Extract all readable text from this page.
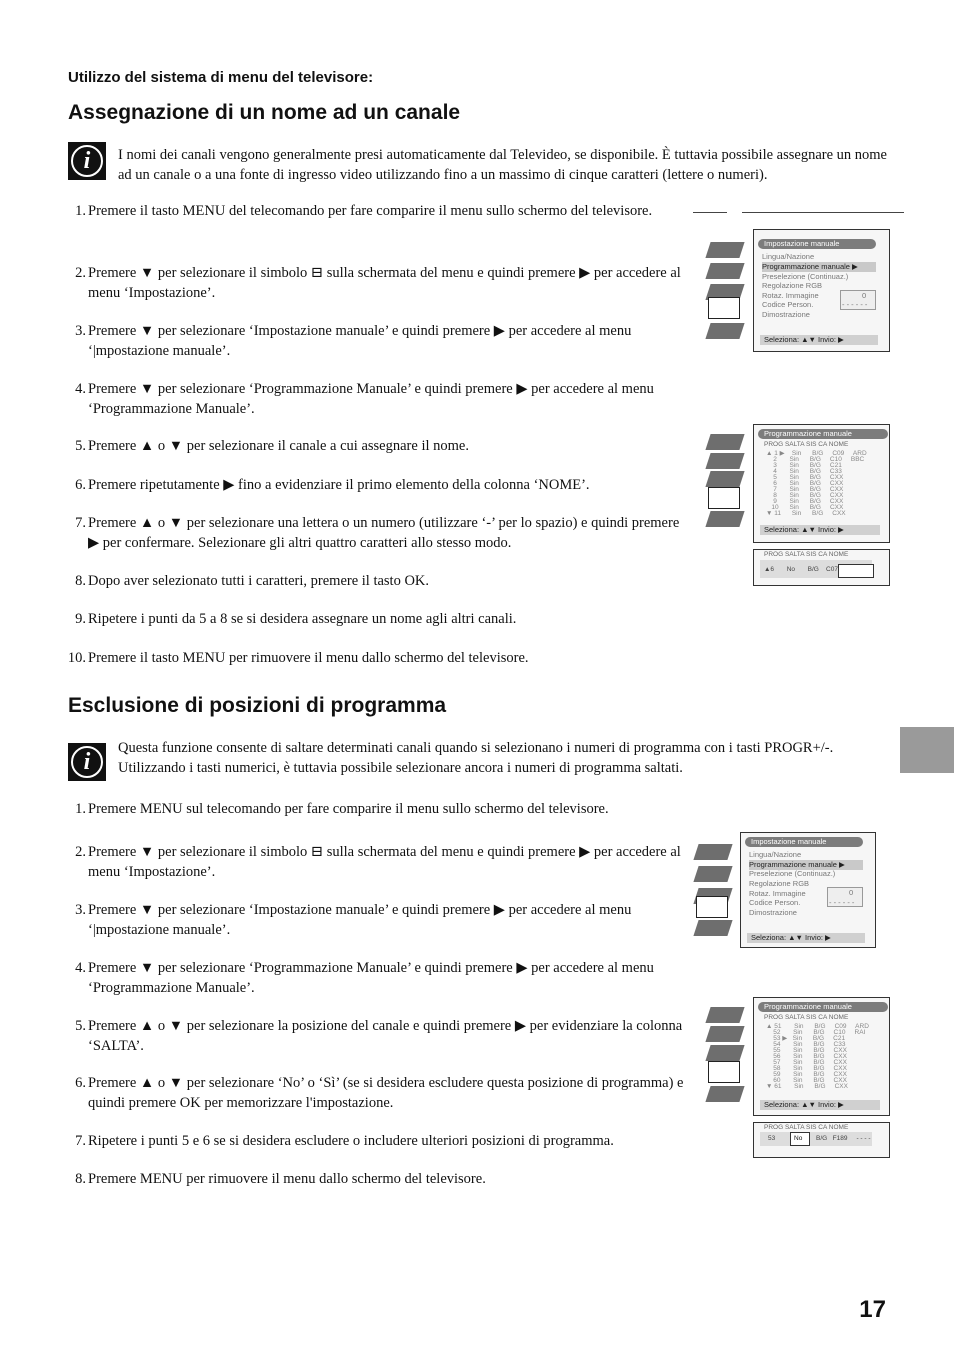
Utilizzo del sistema di menu del televisore:
Assegnazione di un nome ad un canale
i	I nomi dei canali vengono generalmente presi automaticamente dal Televideo, se disponibile. È tuttavia possibile assegnare un nome ad un canale o a una fonte di ingresso video utilizzando fino a un massimo di cinque caratteri (lettere o numeri).
1. Premere il tasto MENU del telecomando per fare comparire il menu sullo schermo del televisore.
2. Premere ▼ per selezionare il simbolo ⊟ sulla schermata del menu e quindi premere ▶ per accedere al menu ‘Impostazione’.
3. Premere ▼ per selezionare ‘Impostazione manuale’ e quindi premere ▶ per accedere al menu ‘|mpostazione manuale’.
4. Premere ▼ per selezionare ‘Programmazione Manuale’ e quindi premere ▶ per accedere al menu ‘Programmazione Manuale’.
5. Premere ▲ o ▼ per selezionare il canale a cui assegnare il nome.
6. Premere ripetutamente ▶ fino a evidenziare il primo elemento della colonna ‘NOME’.
7. Premere ▲ o ▼ per selezionare una lettera o un numero (utilizzare ‘-’ per lo spazio) e quindi premere ▶ per confermare. Selezionare gli altri quattro caratteri allo stesso modo.
8. Dopo aver selezionato tutti i caratteri, premere il tasto OK.
9. Ripetere i punti da 5 a 8 se si desidera assegnare un nome agli altri canali.
10. Premere il tasto MENU per rimuovere il menu dallo schermo del televisore.
Impostazione manuale
Lingua/Nazione
Programmazione manuale ▶
Preselezione (Continuaz.)
Regolazione RGB
Rotaz. Immagine
Codice Person.
Dimostrazione
0
- - - - - -
Seleziona: ▲▼ Invio: ▶
Programmazione manuale
PROG SALTA SIS CA NOME
▲ 1 ▶    Sin      B/G     C09     ARD
2       Sin      B/G     C10     BBC
3       Sin      B/G     C21
4       Sin      B/G     C33
5       Sin      B/G     CXX
6       Sin      B/G     CXX
7       Sin      B/G     CXX
8       Sin      B/G     CXX
9       Sin      B/G     CXX
10      Sin      B/G     CXX
▼ 11      Sin      B/G     CXX
Seleziona: ▲▼ Invio: ▶
PROG SALTA SIS CA NOME
▲6       No       B/G    C07
Esclusione di posizioni di programma
i
Questa funzione consente di saltare determinati canali quando si selezionano i numeri di programma con i tasti PROGR+/-. Utilizzando i tasti numerici, è tuttavia possibile selezionare ancora i numeri di programma saltati.
1. Premere MENU sul telecomando per fare comparire il menu sullo schermo del televisore.
2. Premere ▼ per selezionare il simbolo ⊟ sulla schermata del menu e quindi premere ▶ per accedere al menu ‘Impostazione’.
3. Premere ▼ per selezionare ‘Impostazione manuale’ e quindi premere ▶ per accedere al menu ‘|mpostazione manuale’.
4. Premere ▼ per selezionare ‘Programmazione Manuale’ e quindi premere ▶ per accedere al menu ‘Programmazione Manuale’.
5. Premere ▲ o ▼ per selezionare la posizione del canale e quindi premere ▶ per evidenziare la colonna ‘SALTA’.
6. Premere ▲ o ▼ per selezionare ‘No’ o ‘Sì’ (se si desidera escludere questa posizione di programma) e quindi premere OK per memorizzare l'impostazione.
7. Ripetere i punti 5 e 6 se si desidera escludere o includere ulteriori posizioni di programma.
8. Premere MENU per rimuovere il menu dallo schermo del televisore.
Impostazione manuale
Lingua/Nazione
Programmazione manuale ▶
Preselezione (Continuaz.)
Regolazione RGB
Rotaz. Immagine
Codice Person.
Dimostrazione
0
- - - - - -
Seleziona: ▲▼ Invio: ▶
Programmazione manuale
PROG SALTA SIS CA NOME
▲ 51       Sin      B/G     C09     ARD
52       Sin      B/G     C10     RAI
53 ▶   Sin      B/G     C21
54       Sin      B/G     C33
55       Sin      B/G     CXX
56       Sin      B/G     CXX
57       Sin      B/G     CXX
58       Sin      B/G     CXX
59       Sin      B/G     CXX
60       Sin      B/G     CXX
▼ 61       Sin      B/G     CXX
Seleziona: ▲▼ Invio: ▶
PROG SALTA SIS CA NOME
53	No B/G   F189     - - - -
17
